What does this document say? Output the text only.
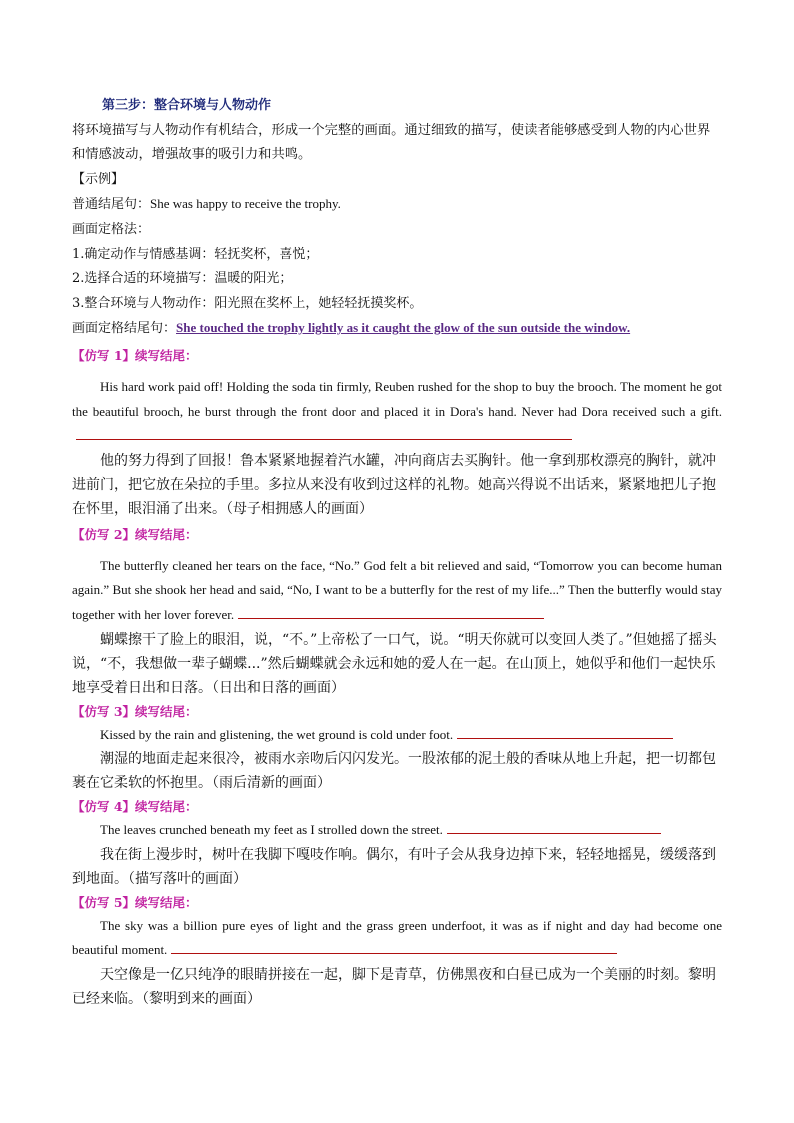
第三步：整合环境与人物动作
将环境描写与人物动作有机结合，形成一个完整的画面。通过细致的描写，使读者能够感受到人物的内心世界和情感波动，增强故事的吸引力和共鸣。
【示例】
普通结尾句：She was happy to receive the trophy.
画面定格法：
1.确定动作与情感基调：轻抚奖杯，喜悦；
2.选择合适的环境描写：温暖的阳光；
3.整合环境与人物动作：阳光照在奖杯上，她轻轻抚摸奖杯。
画面定格结尾句：She touched the trophy lightly as it caught the glow of the sun outside the window.
【仿写 1】续写结尾：
His hard work paid off! Holding the soda tin firmly, Reuben rushed for the shop to buy the brooch. The moment he got the beautiful brooch, he burst through the front door and placed it in Dora's hand. Never had Dora received such a gift.
他的努力得到了回报！鲁本紧紧地握着汽水罐，冲向商店去买胸针。他一拿到那枚漂亮的胸针，就冲进前门，把它放在朵拉的手里。多拉从来没有收到过这样的礼物。她高兴得说不出话来，紧紧地把儿子抱在怀里，眼泪涌了出来。（母子相拥感人的画面）
【仿写 2】续写结尾：
The butterfly cleaned her tears on the face, “No.” God felt a bit relieved and said, “Tomorrow you can become human again.” But she shook her head and said, “No, I want to be a butterfly for the rest of my life...” Then the butterfly would stay together with her lover forever.
蝴蝶擦干了脸上的眼泪，说，“不。”上帝松了一口气，说。“明天你就可以变回人类了。”但她摇了摇头说，“不，我想做一辈子蝴蝶...”然后蝴蝶就会永远和她的爱人在一起。在山顶上，她似乎和他们一起快乐地享受着日出和日落。（日出和日落的画面）
【仿写 3】续写结尾：
Kissed by the rain and glistening, the wet ground is cold under foot.
潮湿的地面走起来很冷，被雨水亲吻后闪闪发光。一股浓郁的泥土般的香味从地上升起，把一切都包裹在它柔软的怀抱里。（雨后清新的画面）
【仿写 4】续写结尾：
The leaves crunched beneath my feet as I strolled down the street.
我在街上漫步时，树叶在我脚下嘎吱作响。偶尔，有叶子会从我身边掉下来，轻轻地摇晃，缓缓落到到地面。（描写落叶的画面）
【仿写 5】续写结尾：
The sky was a billion pure eyes of light and the grass green underfoot, it was as if night and day had become one beautiful moment.
天空像是一亿只纯净的眼睛拼接在一起，脚下是青草，仿佛黑夜和白昼已成为一个美丽的时刻。黎明已经来临。（黎明到来的画面）
